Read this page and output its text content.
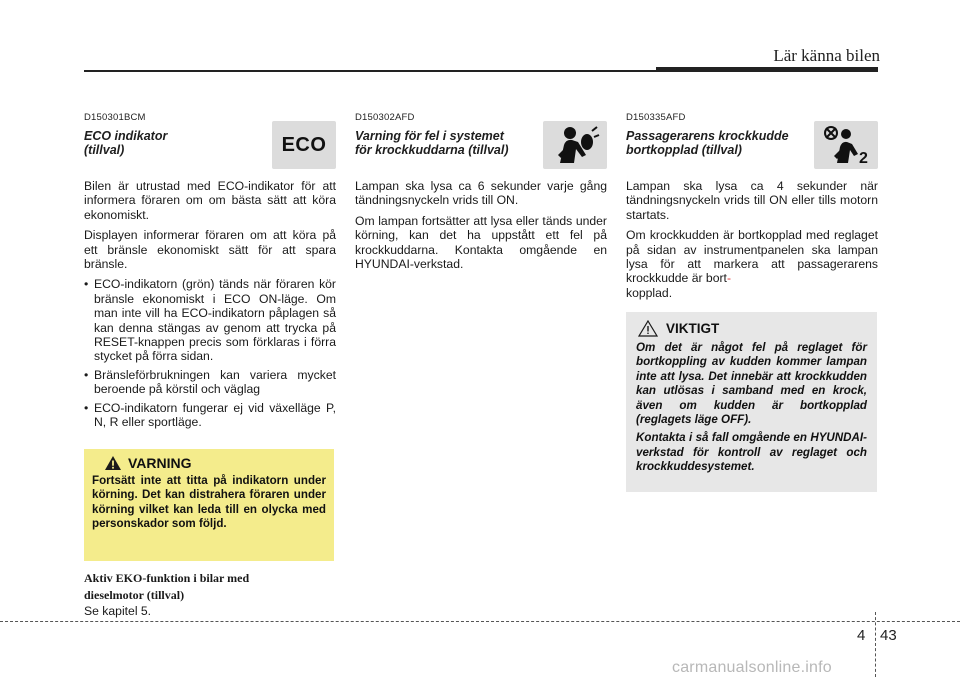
Lär känna bilen
D150301BCM
ECO indikator
(tillval)	ECO

Bilen är utrustad med ECO-indikator för att informera föraren om om bästa sätt att köra ekonomiskt.

Displayen informerar föraren om att köra på ett bränsle ekonomiskt sätt för att spara bränsle.

• ECO-indikatorn (grön) tänds när föraren kör bränsle ekonomiskt i ECO ON-läge. Om man inte vill ha ECO-indikatorn påplagen så kan denna stängas av genom att trycka på RESET-knappen precis som förklaras i förra stycket på förra sidan.
• Bränsleförbrukningen kan variera mycket beroende på körstil och väglag
• ECO-indikatorn fungerar ej vid växelläge P, N, R eller sportläge.
VARNING
Fortsätt inte att titta på indikatorn under körning. Det kan distrahera föraren under körning vilket kan leda till en olycka med personskador som följd.
Aktiv EKO-funktion i bilar med
dieselmotor (tillval)
Se kapitel 5.
D150302AFD
Varning för fel i systemet
för krockkuddarna (tillval)

Lampan ska lysa ca 6 sekunder varje gång tändningsnyckeln vrids till ON.

Om lampan fortsätter att lysa eller tänds under körning, kan det ha uppstått ett fel på krockkuddarna. Kontakta omgående en HYUNDAI-verkstad.

D150335AFD
Passagerarens krockkudde
bortkopplad (tillval)	2

Lampan ska lysa ca 4 sekunder när tändningsnyckeln vrids till ON eller tills motorn startats.

Om krockkudden är bortkopplad med reglaget på sidan av instrumentpanelen ska lampan lysa för att markera att passagerarens krockkudde är bort-
kopplad.

VIKTIGT
Om det är något fel på reglaget för bortkoppling av kudden kommer lampan inte att lysa. Det innebär att krockkudden kan utlösas i samband med en krock, även om kudden är bortkopplad (reglagets läge OFF).
Kontakta i så fall omgående en HYUNDAI-verkstad för kontroll av reglaget och krockkuddesystemet.
4 43
carmanualsonline.info
